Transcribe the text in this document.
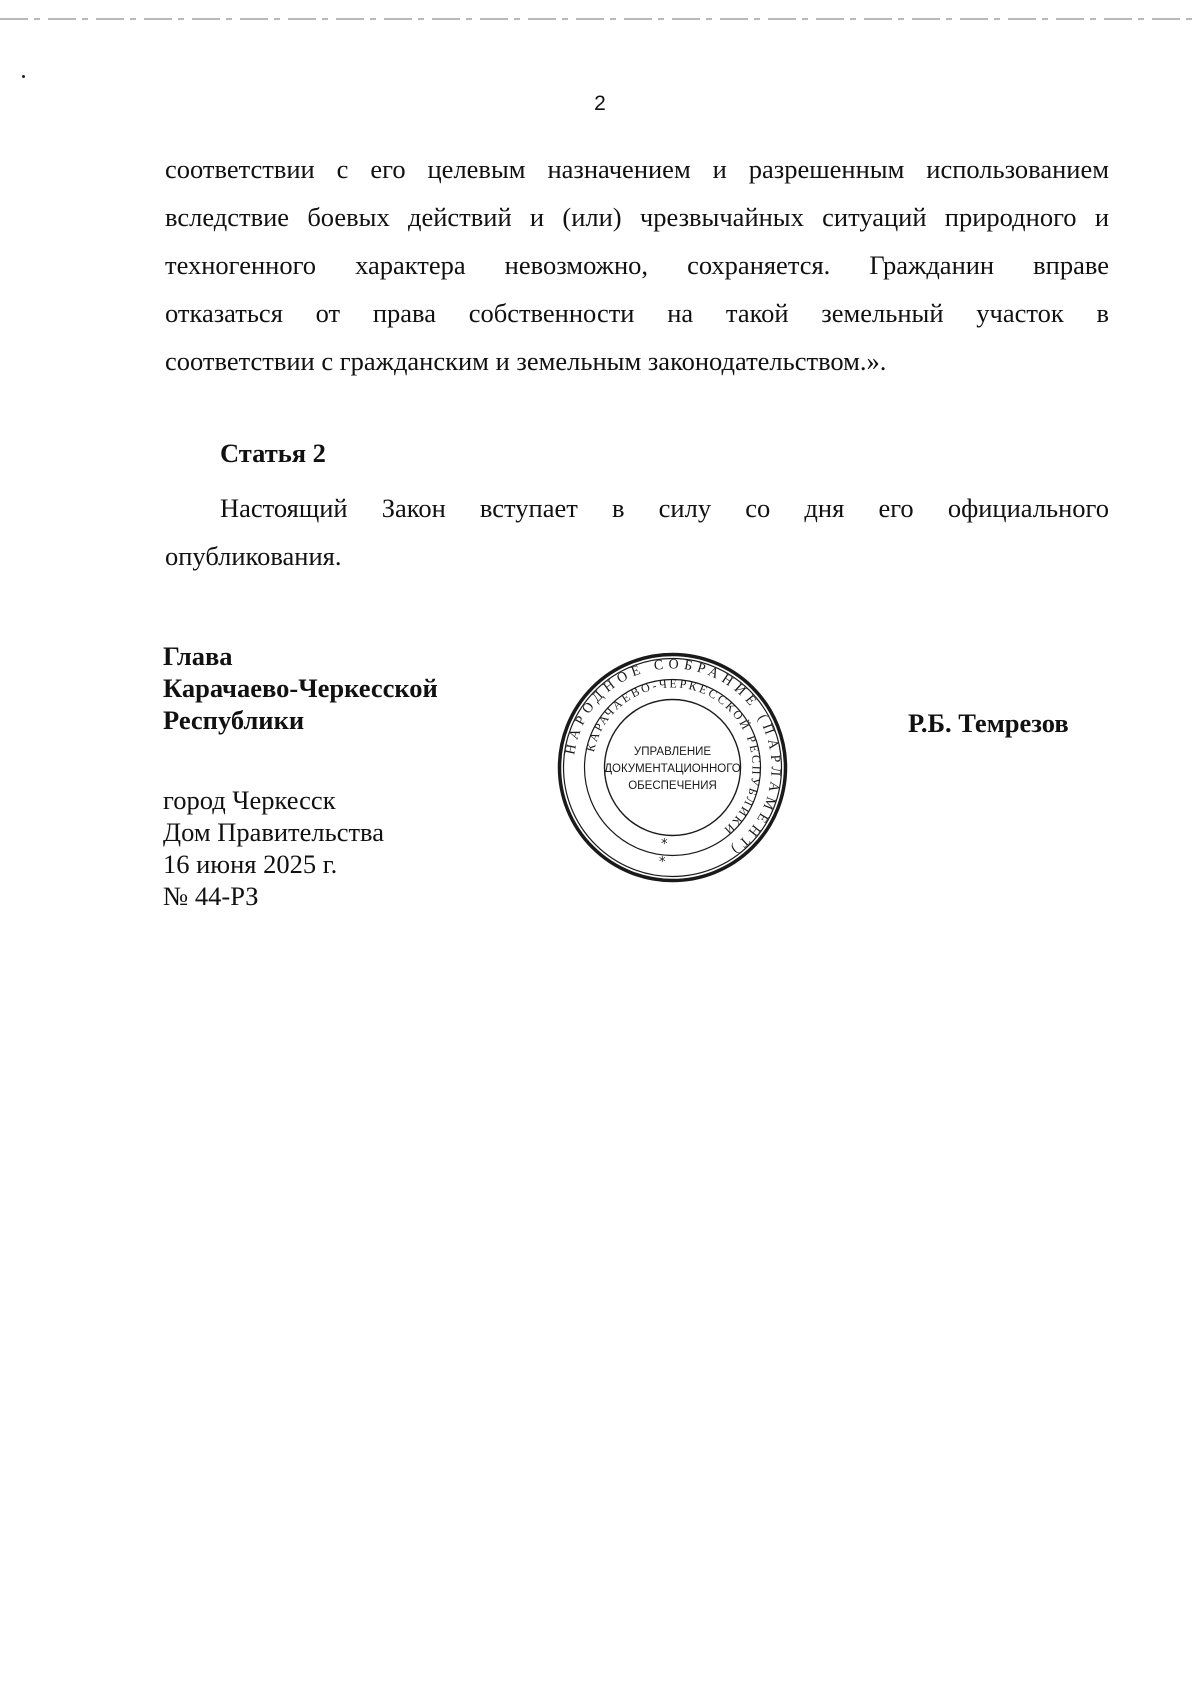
2

соответствии с его целевым назначением и разрешенным использованием
вследствие боевых действий и (или) чрезвычайных ситуаций природного и
техногенного характера невозможно, сохраняется. Гражданин вправе
отказаться от права собственности на такой земельный участок в
соответствии с гражданским и земельным законодательством.».

Статья 2

Настоящий Закон вступает в силу со дня его официального
опубликования.

Глава
Карачаево-Черкесской
Республики
НАРОДНОЕ СОБРАНИЕ (ПАРЛАМЕНТ)
КАРАЧАЕВО-ЧЕРКЕССКОЙ РЕСПУБЛИКИ
УПРАВЛЕНИЕ
ДОКУМЕНТАЦИОННОГО
ОБЕСПЕЧЕНИЯ
*
*
Р.Б. Темрезов
город Черкесск
Дом Правительства
16 июня 2025 г.
№ 44-РЗ
